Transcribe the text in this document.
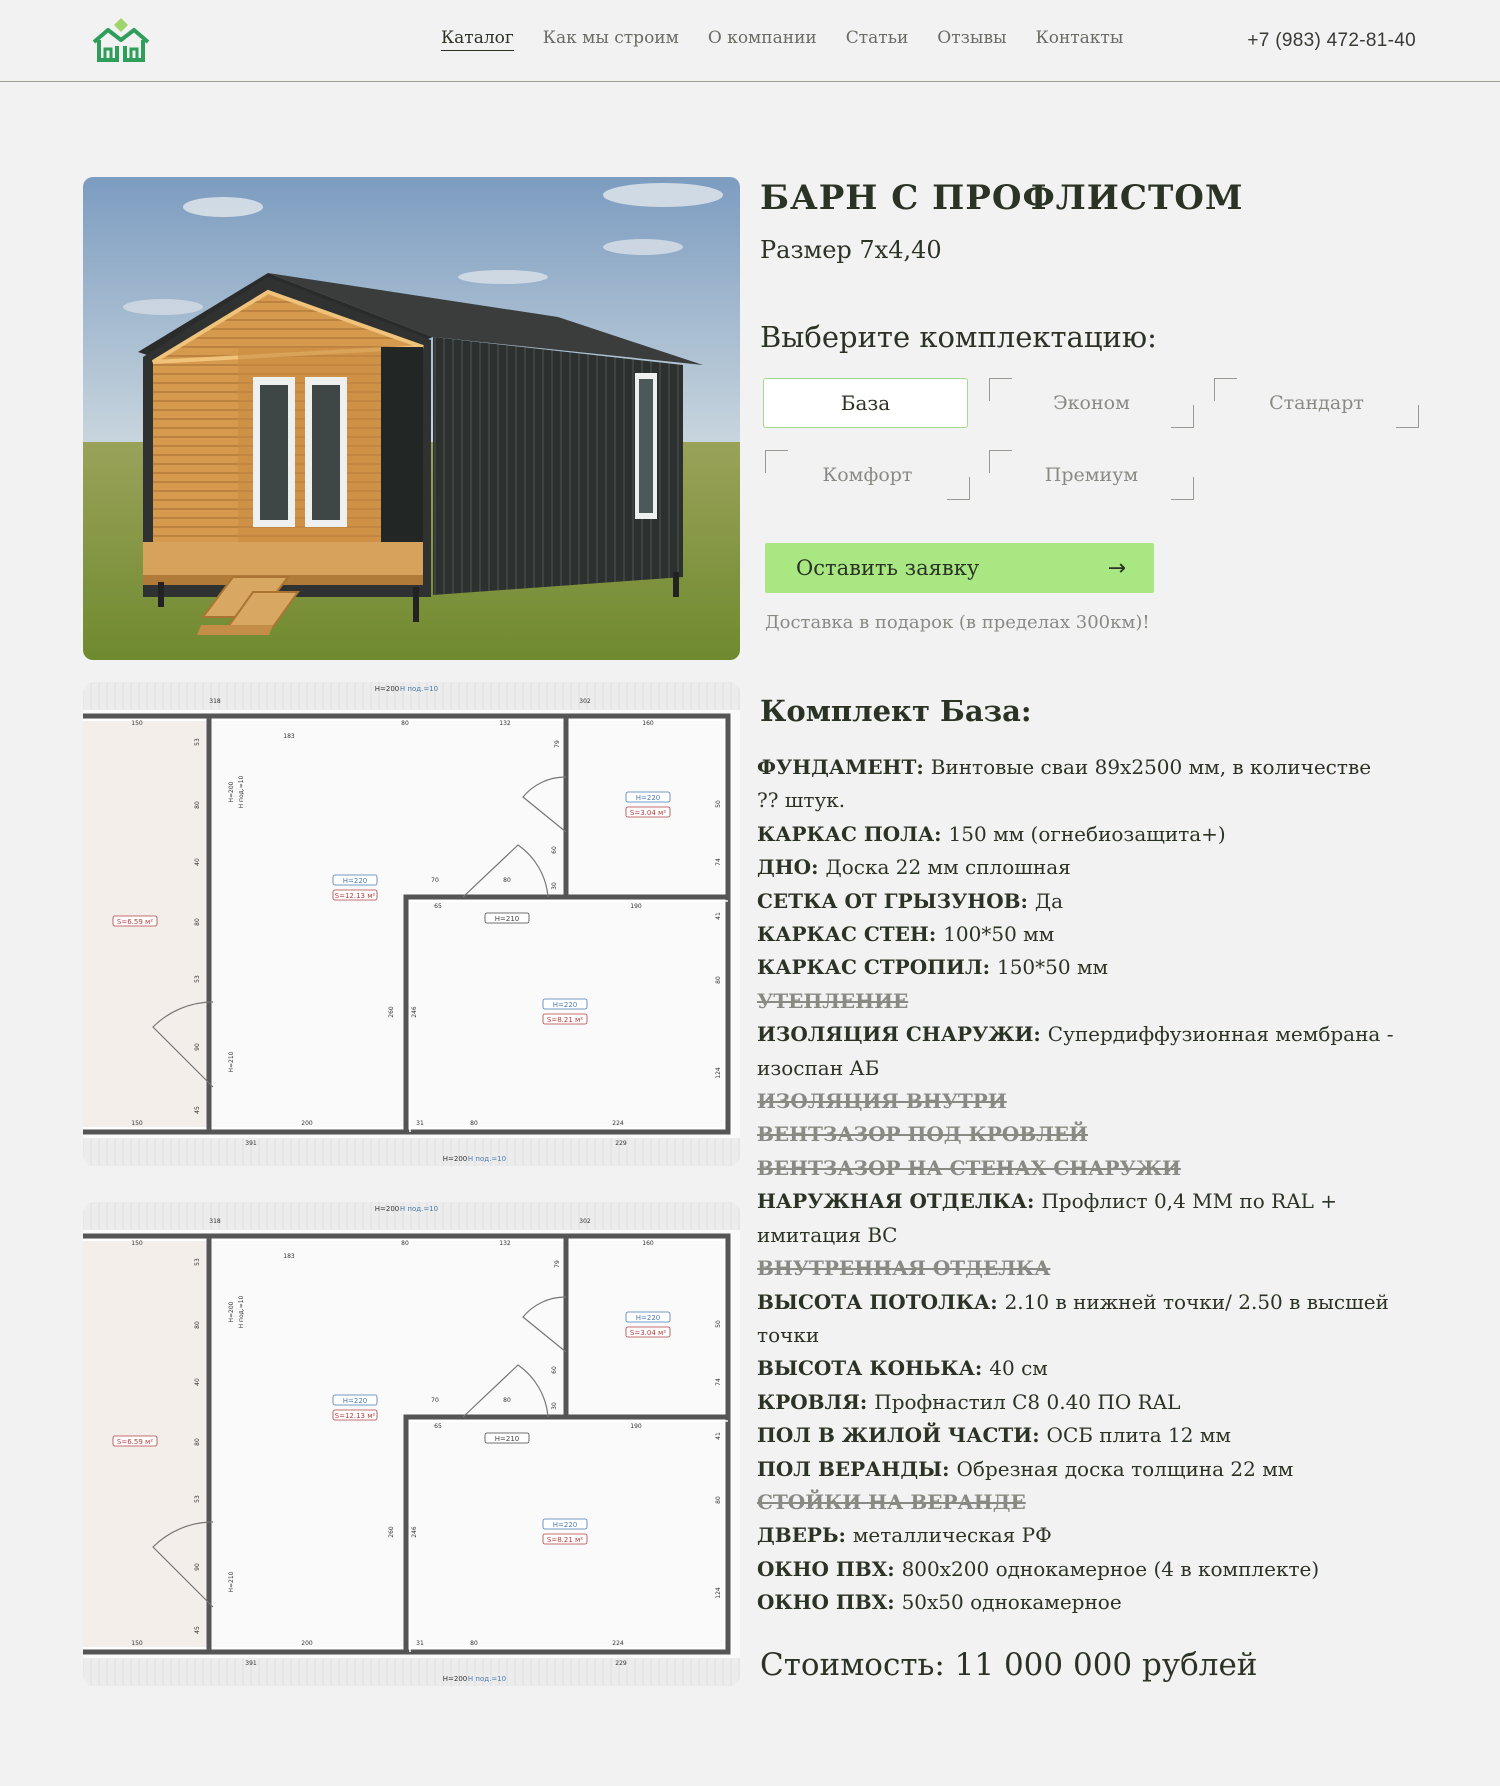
Каталог Как мы строим О компании Статьи Отзывы Контакты	+7 (983) 472-81-40
H=200 H под.=10
H=200 H под.=10
318
183
80	132
302
150	160
150	200	31	80	224
391	229
H=220
S=12.13 м²
H=220
S=3.04 м²
H=220
S=8.21 м²
S=6.59 м²	H=210
53
80
40
80
53
90
45
79
50
74
60
30
41
80
124
260	246
65	190
70	80
H=200 H под.=10
H=210
H=200 H под.=10
H=200 H под.=10
318
183
80	132
302
150	160
150	200	31	80	224
391	229
H=220
S=12.13 м²
H=220
S=3.04 м²
H=220
S=8.21 м²
S=6.59 м²	H=210
53
80
40
80
53
90
45
79
50
74
60
30
41
80
124
260	246
65	190
70	80
H=200 H под.=10
H=210
БАРН С ПРОФЛИСТОМ
Размер 7х4,40
Выберите комплектацию:
База	Эконом	Стандарт
Комфорт	Премиум
Оставить заявку	→
Доставка в подарок (в пределах 300км)!
Комплект База:
ФУНДАМЕНТ: Винтовые сваи 89х2500 мм, в количестве ?? штук.
КАРКАС ПОЛА: 150 мм (огнебиозащита+)
ДНО: Доска 22 мм сплошная
СЕТКА ОТ ГРЫЗУНОВ: Да
КАРКАС СТЕН: 100*50 мм
КАРКАС СТРОПИЛ: 150*50 мм
УТЕПЛЕНИЕ
ИЗОЛЯЦИЯ СНАРУЖИ: Супердиффузионная мембрана - изоспан АБ
ИЗОЛЯЦИЯ ВНУТРИ
ВЕНТЗАЗОР ПОД КРОВЛЕЙ
ВЕНТЗАЗОР НА СТЕНАХ СНАРУЖИ
НАРУЖНАЯ ОТДЕЛКА: Профлист 0,4 ММ по RAL + имитация ВС
ВНУТРЕННАЯ ОТДЕЛКА
ВЫСОТА ПОТОЛКА: 2.10 в нижней точки/ 2.50 в высшей точки
ВЫСОТА КОНЬКА: 40 см
КРОВЛЯ: Профнастил С8 0.40 ПО RAL
ПОЛ В ЖИЛОЙ ЧАСТИ: ОСБ плита 12 мм
ПОЛ ВЕРАНДЫ: Обрезная доска толщина 22 мм
СТОЙКИ НА ВЕРАНДЕ
ДВЕРЬ: металлическая РФ
ОКНО ПВХ: 800х200 однокамерное (4 в комплекте)
ОКНО ПВХ: 50х50 однокамерное
Стоимость: 11 000 000 рублей
